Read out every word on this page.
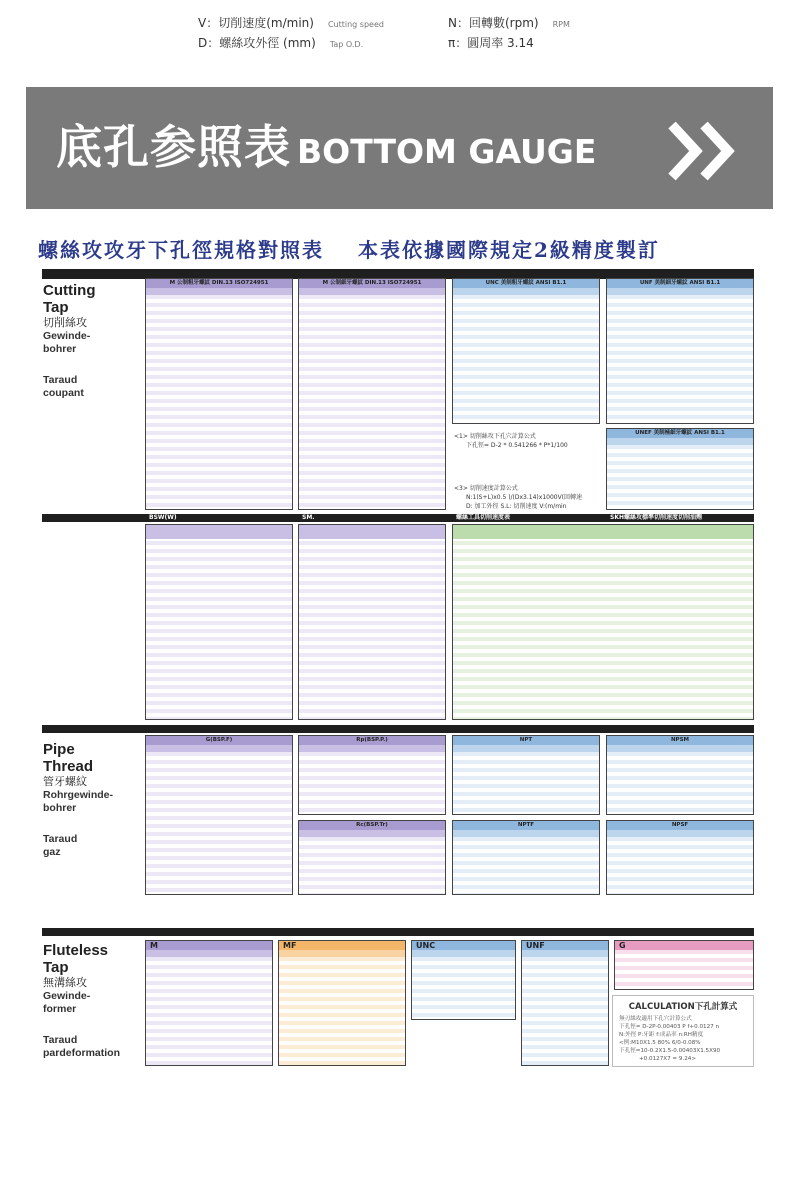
V：切削速度(m/min) Cutting speed
D：螺絲攻外徑 (mm) Tap O.D.
N：回轉數(rpm) RPM
π：圓周率 3.14
底孔参照表 BOTTOM GAUGE
螺絲攻攻牙下孔徑規格對照表 本表依據國際規定2級精度製訂
Cutting
Tap
切削絲攻
Gewinde-
bohrer
Taraud
coupant
M 公制粗牙螺紋 DIN.13 ISO724951	M 公制細牙螺紋 DIN.13 ISO724951	UNC 美制粗牙螺紋 ANSI B1.1	UNF 美制細牙螺紋 ANSI B1.1
UNEF 美制極細牙螺紋 ANSI B1.1
<1> 切削絲攻下孔穴計算公式
下孔徑= D-2 * 0.541266 * P*1/100
<3> 切削速度計算公式
N:1(S+L)x0.5 )/(Dx3.14)x1000V(回轉速
D: 加工外徑 S.L: 切削速度 V:(m/min
BSW(W)	SM.	螺絲工具切削速度表	SKH螺絲攻標準切削速度切削油劑
Pipe
Thread
管牙螺紋
Rohrgewinde-
bohrer
Taraud
gaz
G(BSP.F)	Rp(BSP.P.)
Rc(BSP.Tr)
NPT
NPTF
NPSM
NPSF
Fluteless
Tap
無溝絲攻
Gewinde-
former
Taraud
pardeformation
M	MF	UNC	UNF	G
CALCULATION下孔計算式
無刃絲攻適用下孔穴計算公式
下孔徑= D-2P-0.00403 P f+0.0127 n
N:外徑 P:牙距 f:成品率 n:RH精度
<例:M10X1.5 80% 6/0-0.08%
下孔徑=10-0.2X1.5-0.00403X1.5X90
+0.0127X7 = 9.24>
